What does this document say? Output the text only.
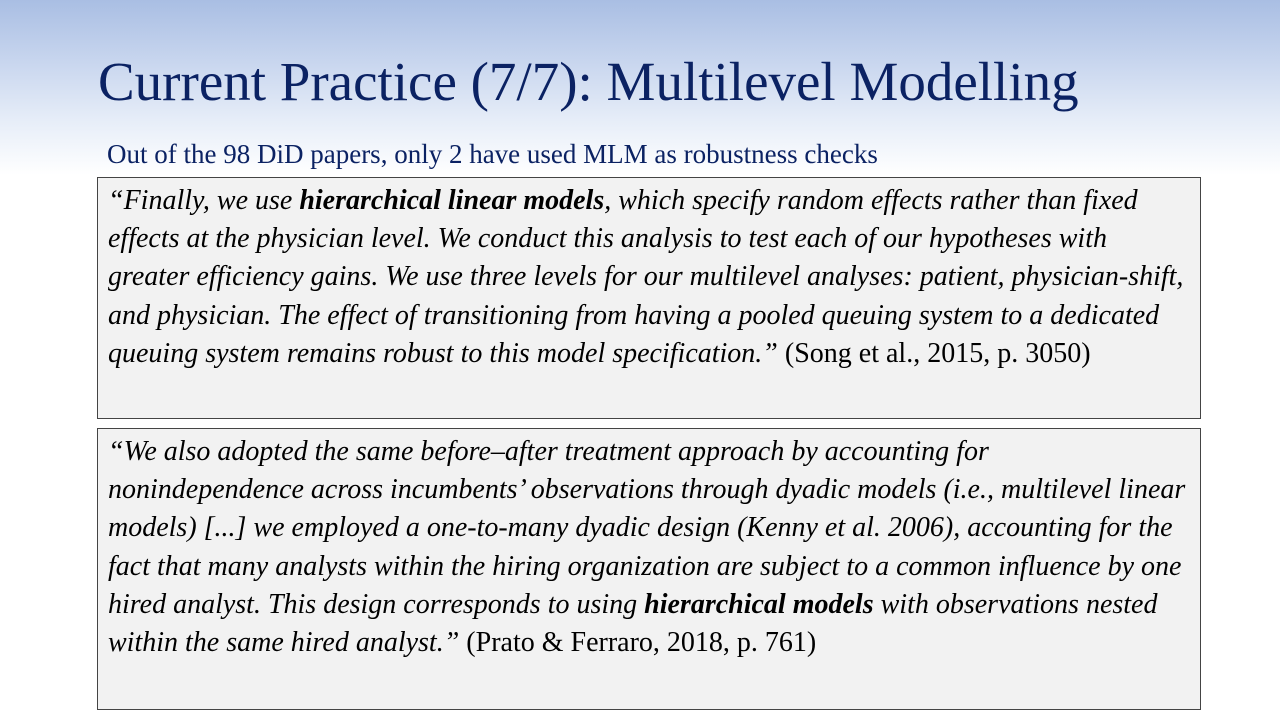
Current Practice (7/7): Multilevel Modelling
Out of the 98 DiD papers, only 2 have used MLM as robustness checks

“Finally, we use hierarchical linear models, which specify random effects rather than fixed effects at the physician level. We conduct this analysis to test each of our hypotheses with greater efficiency gains. We use three levels for our multilevel analyses: patient, physician-shift, and physician. The effect of transitioning from having a pooled queuing system to a dedicated queuing system remains robust to this model specification.” (Song et al., 2015, p. 3050)

“We also adopted the same before–after treatment approach by accounting for nonindependence across incumbents’ observations through dyadic models (i.e., multilevel linear models) [...] we employed a one-to-many dyadic design (Kenny et al. 2006), accounting for the fact that many analysts within the hiring organization are subject to a common influence by one hired analyst. This design corresponds to using hierarchical models with observations nested within the same hired analyst.” (Prato & Ferraro, 2018, p. 761)
